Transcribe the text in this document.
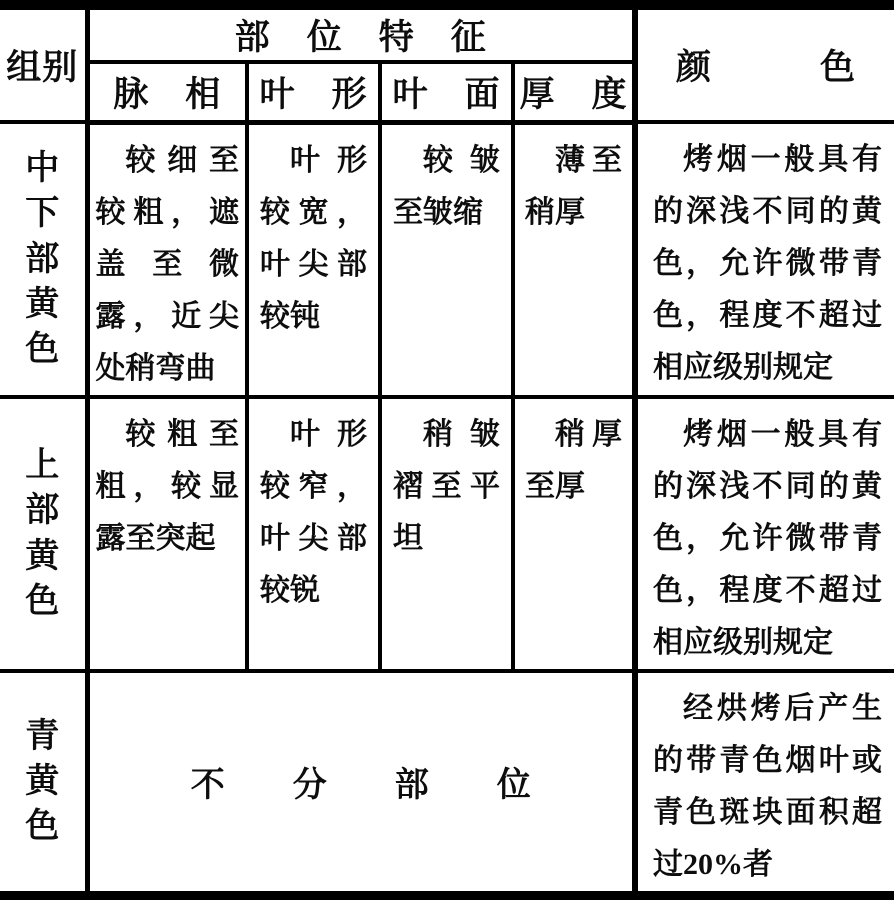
组别	部　位　特　征				颜　　　色
	脉　相	叶　形	叶　面	厚　度	

中下部黄色	较细至较粗，遮盖至微露，近尖处稍弯曲	叶形较宽，叶尖部较钝	较皱至皱缩	薄至稍厚	烤烟一般具有的深浅不同的黄色，允许微带青色，程度不超过相应级别规定

上部黄色	较粗至粗，较显露至突起	叶形较窄，叶尖部较锐	稍皱褶至平坦	稍厚至厚	烤烟一般具有的深浅不同的黄色，允许微带青色，程度不超过相应级别规定

青黄色	不　　分　　部　　位				经烘烤后产生的带青色烟叶或青色斑块面积超过20%者
